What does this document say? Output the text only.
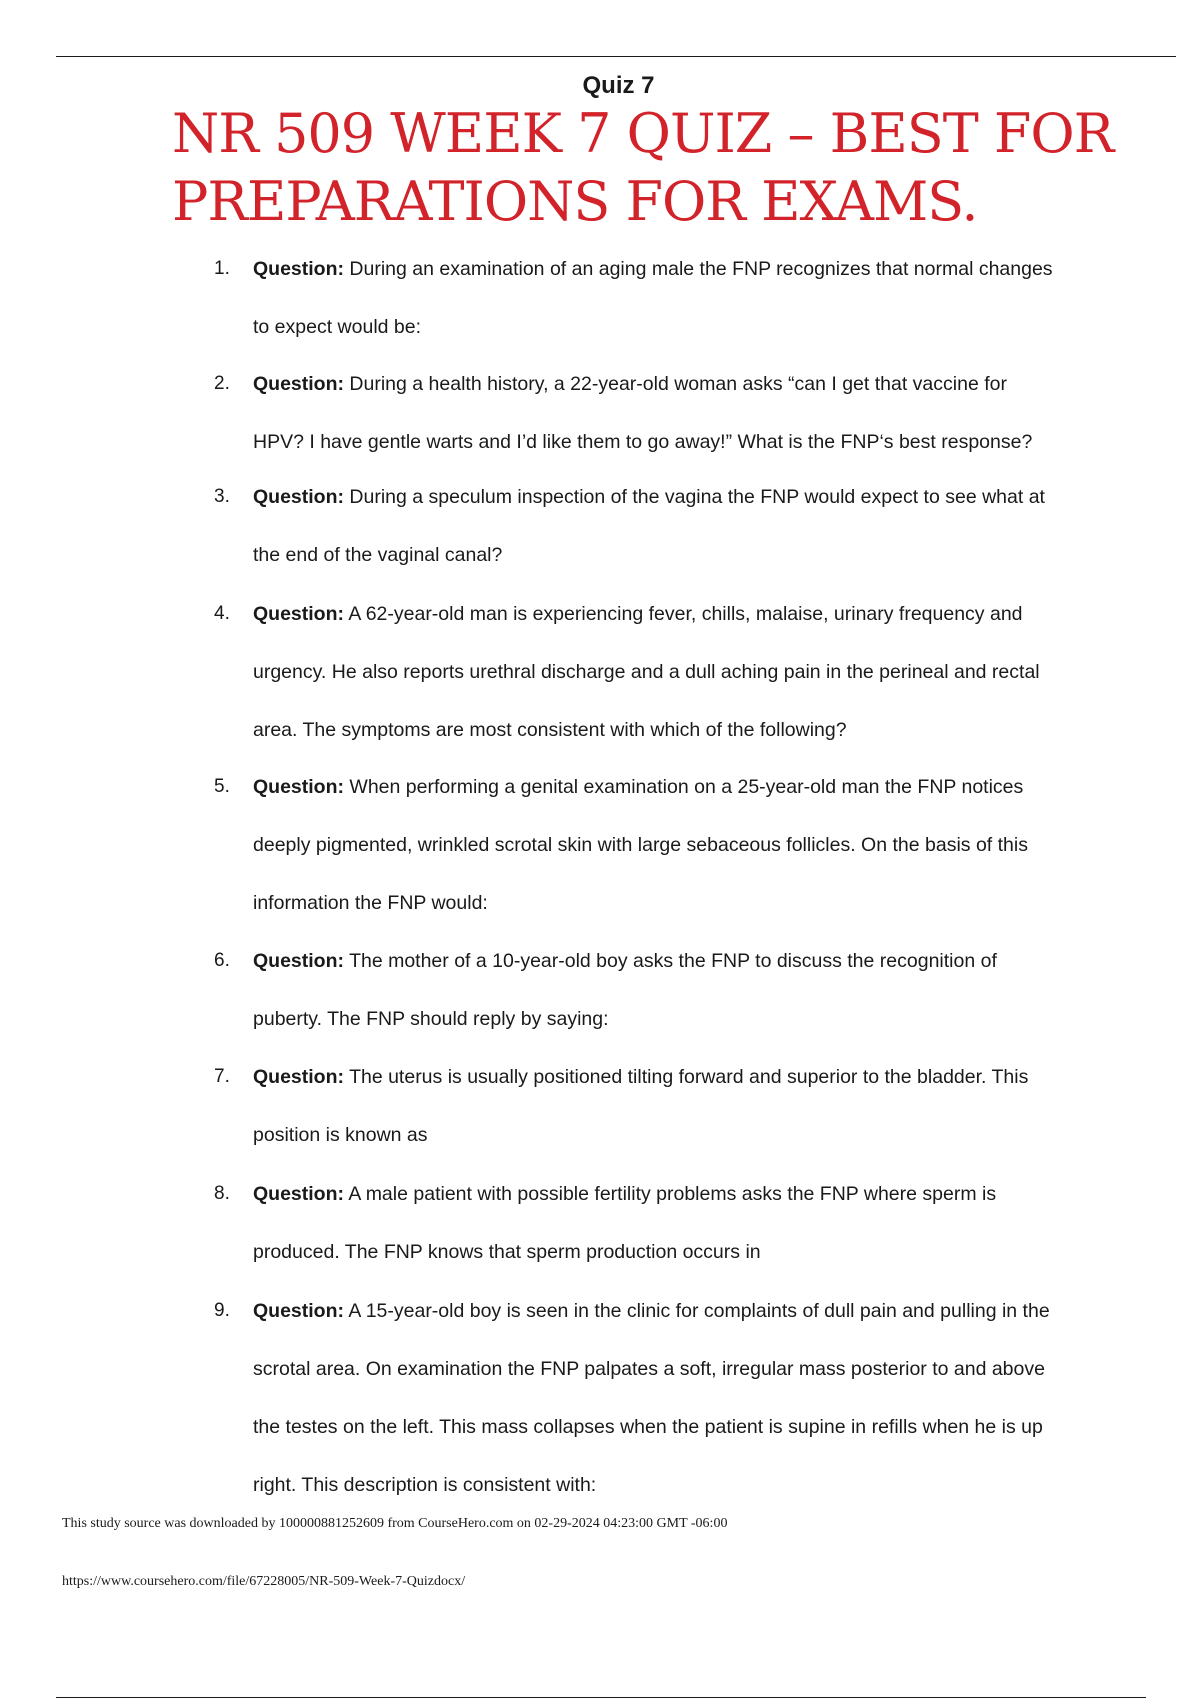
Quiz 7
NR 509 WEEK 7 QUIZ – BEST FOR
PREPARATIONS FOR EXAMS.
1. Question: During an examination of an aging male the FNP recognizes that normal changes
to expect would be:
2. Question: During a health history, a 22-year-old woman asks “can I get that vaccine for
HPV? I have gentle warts and I’d like them to go away!” What is the FNP‘s best response?
3. Question: During a speculum inspection of the vagina the FNP would expect to see what at
the end of the vaginal canal?
4. Question: A 62-year-old man is experiencing fever, chills, malaise, urinary frequency and
urgency. He also reports urethral discharge and a dull aching pain in the perineal and rectal
area. The symptoms are most consistent with which of the following?
5. Question: When performing a genital examination on a 25-year-old man the FNP notices
deeply pigmented, wrinkled scrotal skin with large sebaceous follicles. On the basis of this
information the FNP would:
6. Question: The mother of a 10-year-old boy asks the FNP to discuss the recognition of
puberty. The FNP should reply by saying:
7. Question: The uterus is usually positioned tilting forward and superior to the bladder. This
position is known as
8. Question: A male patient with possible fertility problems asks the FNP where sperm is
produced. The FNP knows that sperm production occurs in
9. Question: A 15-year-old boy is seen in the clinic for complaints of dull pain and pulling in the
scrotal area. On examination the FNP palpates a soft, irregular mass posterior to and above
the testes on the left. This mass collapses when the patient is supine in refills when he is up
right. This description is consistent with:
This study source was downloaded by 100000881252609 from CourseHero.com on 02-29-2024 04:23:00 GMT -06:00
https://www.coursehero.com/file/67228005/NR-509-Week-7-Quizdocx/
